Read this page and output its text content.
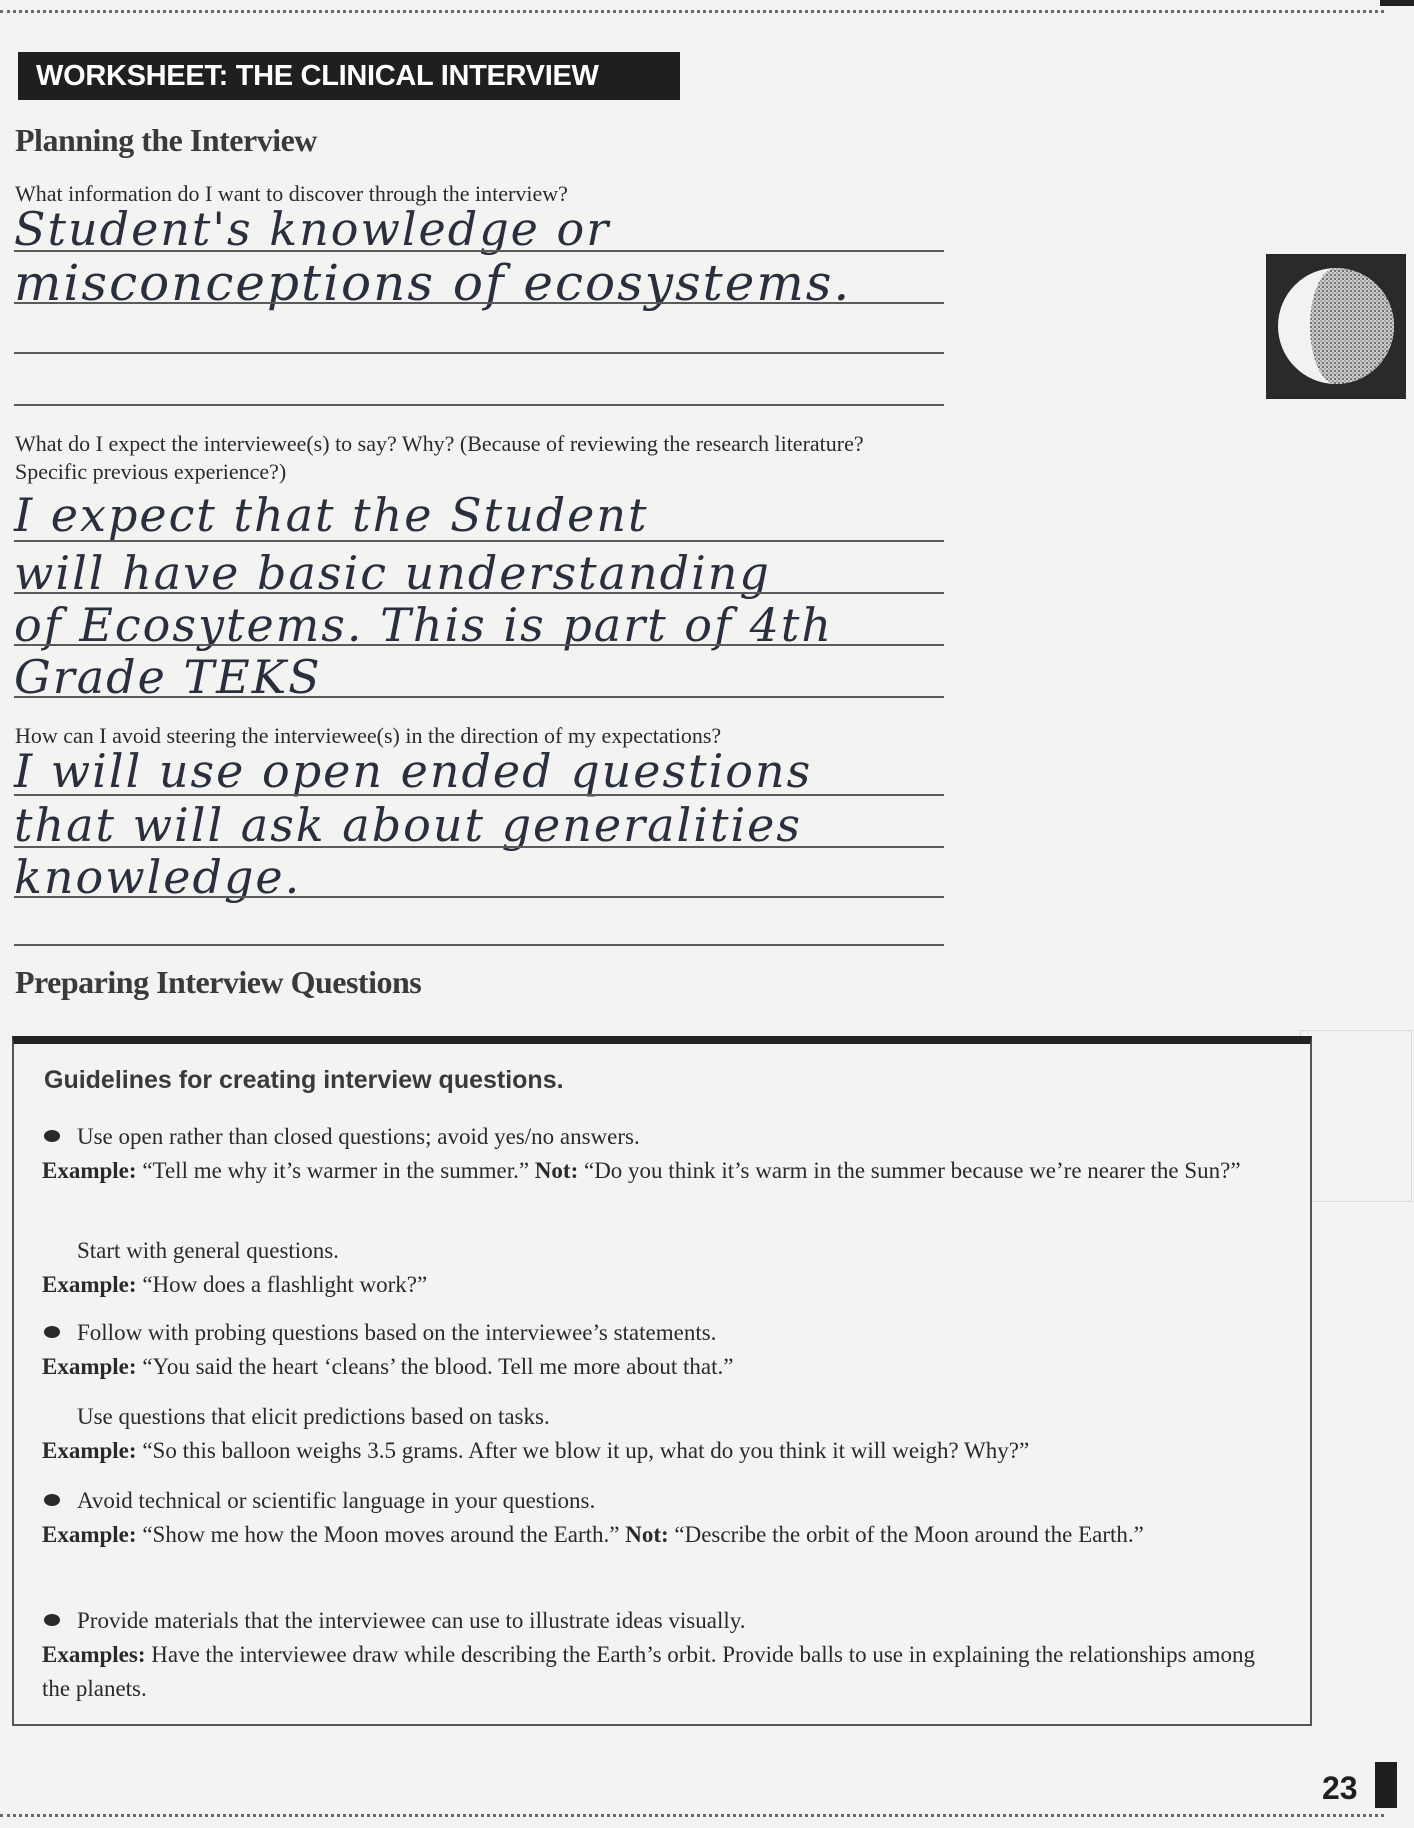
WORKSHEET: THE CLINICAL INTERVIEW
Planning the Interview
What information do I want to discover through the interview?
Student's knowledge or
misconceptions of ecosystems.
What do I expect the interviewee(s) to say? Why? (Because of reviewing the research literature? Specific previous experience?)
I expect that the Student
will have basic understanding
of Ecosytems. This is part of 4th
Grade TEKS
How can I avoid steering the interviewee(s) in the direction of my expectations?
I will use open ended questions
that will ask about generalities
knowledge.
Preparing Interview Questions
Guidelines for creating interview questions.
Use open rather than closed questions; avoid yes/no answers.
Example: “Tell me why it’s warmer in the summer.” Not: “Do you think it’s warm in the summer because we’re nearer the Sun?”
Start with general questions.
Example: “How does a flashlight work?”
Follow with probing questions based on the interviewee’s statements.
Example: “You said the heart ‘cleans’ the blood. Tell me more about that.”
Use questions that elicit predictions based on tasks.
Example: “So this balloon weighs 3.5 grams. After we blow it up, what do you think it will weigh? Why?”
Avoid technical or scientific language in your questions.
Example: “Show me how the Moon moves around the Earth.” Not: “Describe the orbit of the Moon around the Earth.”
Provide materials that the interviewee can use to illustrate ideas visually.
Examples: Have the interviewee draw while describing the Earth’s orbit. Provide balls to use in explaining the relationships among the planets.
23
